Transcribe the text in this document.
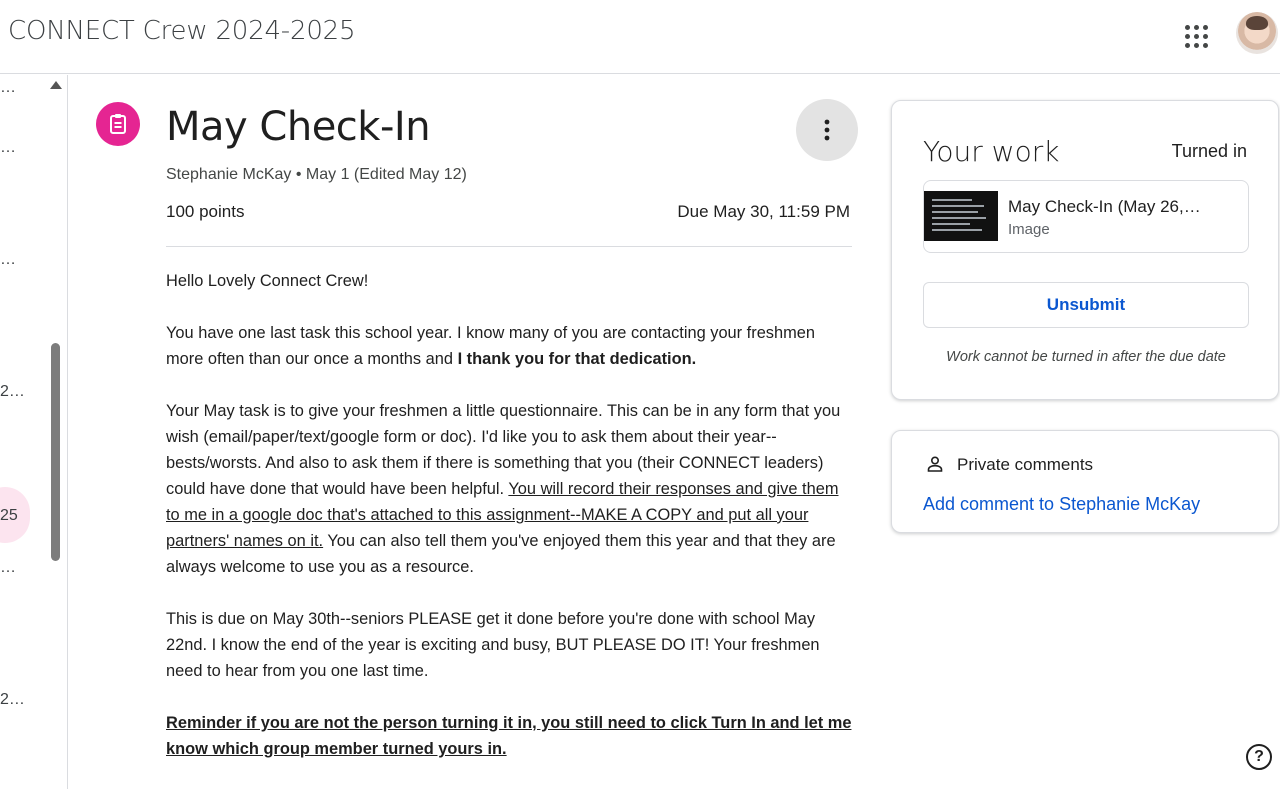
CONNECT Crew 2024-2025
…
…
…
2…
25
…
2…
May Check-In
Stephanie McKay • May 1 (Edited May 12)
100 points	Due May 30, 11:59 PM

Hello Lovely Connect Crew!

You have one last task this school year. I know many of you are contacting your freshmen more often than our once a months and I thank you for that dedication.

Your May task is to give your freshmen a little questionnaire. This can be in any form that you wish (email/paper/text/google form or doc). I'd like you to ask them about their year--bests/worsts. And also to ask them if there is something that you (their CONNECT leaders) could have done that would have been helpful. You will record their responses and give them to me in a google doc that's attached to this assignment--MAKE A COPY and put all your partners' names on it. You can also tell them you've enjoyed them this year and that they are always welcome to use you as a resource.

This is due on May 30th--seniors PLEASE get it done before you're done with school May 22nd. I know the end of the year is exciting and busy, BUT PLEASE DO IT! Your freshmen need to hear from you one last time.

Reminder if you are not the person turning it in, you still need to click Turn In and let me know which group member turned yours in.

Your work	Turned in
May Check-In (May 26,…
Image
Unsubmit
Work cannot be turned in after the due date
Private comments
Add comment to Stephanie McKay
?
